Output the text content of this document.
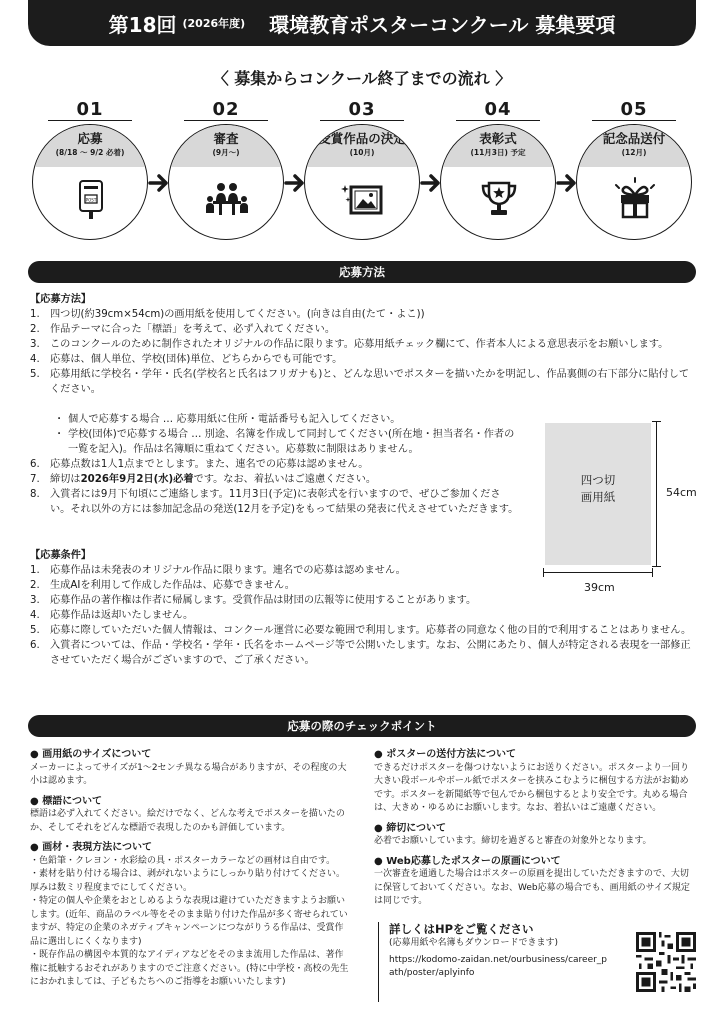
第18回 (2026年度) 環境教育ポスターコンクール 募集要項
〈 募集からコンクール終了までの流れ 〉
01
応募
(8/18 〜 9/2 必着)
POST
02
審査
(9月〜)
03
受賞作品の決定
(10月)
04
表彰式
(11月3日) 予定
05
記念品送付
(12月)
応募方法
【応募方法】
1. 四つ切(約39cm×54cm)の画用紙を使用してください。(向きは自由(たて・よこ))
2. 作品テーマに合った「標語」を考えて、必ず入れてください。
3. このコンクールのために制作されたオリジナルの作品に限ります。応募用紙チェック欄にて、作者本人による意思表示をお願いします。
4. 応募は、個人単位、学校(団体)単位、どちらからでも可能です。
5. 応募用紙に学校名・学年・氏名(学校名と氏名はフリガナも)と、どんな思いでポスターを描いたかを明記し、作品裏側の右下部分に貼付してください。
・ 個人で応募する場合 … 応募用紙に住所・電話番号も記入してください。
・ 学校(団体)で応募する場合 … 別途、名簿を作成して同封してください(所在地・担当者名・作者の一覧を記入)。作品は名簿順に重ねてください。応募数に制限はありません。
6. 応募点数は1人1点までとします。また、連名での応募は認めません。
7. 締切は2026年9月2日(水)必着です。なお、着払いはご遠慮ください。
8. 入賞者には9月下旬頃にご連絡します。11月3日(予定)に表彰式を行いますので、ぜひご参加ください。それ以外の方には参加記念品の発送(12月を予定)をもって結果の発表に代えさせていただきます。
四つ切
画用紙	54cm
39cm
【応募条件】
1. 応募作品は未発表のオリジナル作品に限ります。連名での応募は認めません。
2. 生成AIを利用して作成した作品は、応募できません。
3. 応募作品の著作権は作者に帰属します。受賞作品は財団の広報等に使用することがあります。
4. 応募作品は返却いたしません。
5. 応募に際していただいた個人情報は、コンクール運営に必要な範囲で利用します。応募者の同意なく他の目的で利用することはありません。
6. 入賞者については、作品・学校名・学年・氏名をホームページ等で公開いたします。なお、公開にあたり、個人が特定される表現を一部修正させていただく場合がございますので、ご了承ください。
応募の際のチェックポイント
● 画用紙のサイズについて

メーカーによってサイズが1〜2センチ異なる場合がありますが、その程度の大小は認めます。

● 標語について

標語は必ず入れてください。絵だけでなく、どんな考えでポスターを描いたのか、そしてそれをどんな標語で表現したのかも評価しています。

● 画材・表現方法について

・色鉛筆・クレヨン・水彩絵の具・ポスターカラーなどの画材は自由です。

・素材を貼り付ける場合は、剥がれないようにしっかり貼り付けてください。厚みは数ミリ程度までにしてください。

・特定の個人や企業をおとしめるような表現は避けていただきますようお願いします。(近年、商品のラベル等をそのまま貼り付けた作品が多く寄せられていますが、特定の企業のネガティブキャンペーンにつながりうる作品は、受賞作品に選出しにくくなります)

・既存作品の構図や本質的なアイディアなどをそのまま流用した作品は、著作権に抵触するおそれがありますのでご注意ください。(特に中学校・高校の先生におかれましては、子どもたちへのご指導をお願いいたします)

● ポスターの送付方法について

できるだけポスターを傷つけないようにお送りください。ポスターより一回り大きい段ボールやボール紙でポスターを挟みこむように梱包する方法がお勧めです。ポスターを新聞紙等で包んでから梱包するとより安全です。丸める場合は、大きめ・ゆるめにお願いします。なお、着払いはご遠慮ください。

● 締切について

必着でお願いしています。締切を過ぎると審査の対象外となります。

● Web応募したポスターの原画について

一次審査を通過した場合はポスターの原画を提出していただきますので、大切に保管しておいてください。なお、Web応募の場合でも、画用紙のサイズ規定は同じです。

詳しくはHPをご覧ください
(応募用紙や名簿もダウンロードできます)
https://kodomo-zaidan.net/ourbusiness/career_path/poster/aplyinfo
